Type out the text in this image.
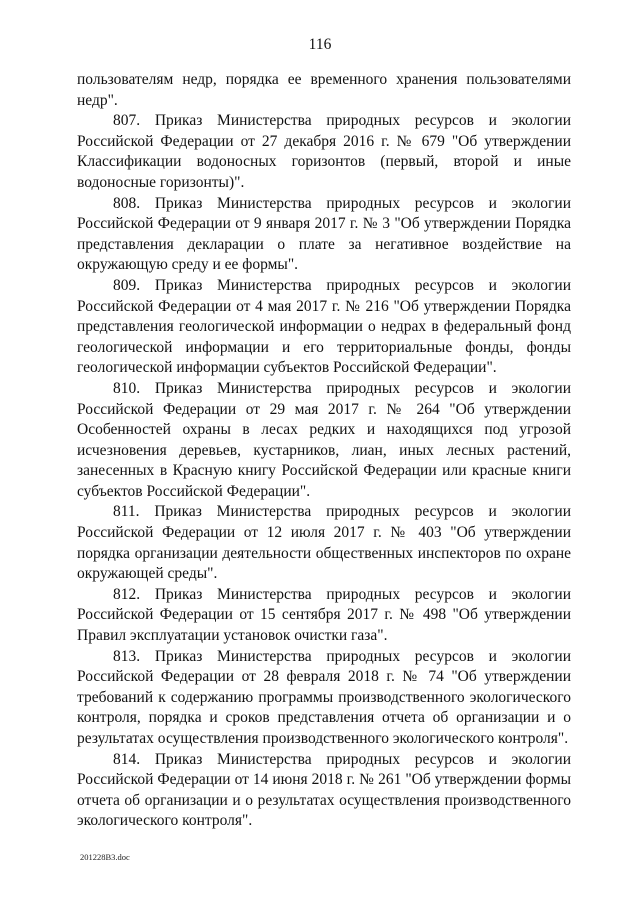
116

пользователям недр, порядка ее временного хранения пользователями недр".

807. Приказ Министерства природных ресурсов и экологии Российской Федерации от 27 декабря 2016 г. № 679 "Об утверждении Классификации водоносных горизонтов (первый, второй и иные водоносные горизонты)".

808. Приказ Министерства природных ресурсов и экологии Российской Федерации от 9 января 2017 г. № 3 "Об утверждении Порядка представления декларации о плате за негативное воздействие на окружающую среду и ее формы".

809. Приказ Министерства природных ресурсов и экологии Российской Федерации от 4 мая 2017 г. № 216 "Об утверждении Порядка представления геологической информации о недрах в федеральный фонд геологической информации и его территориальные фонды, фонды геологической информации субъектов Российской Федерации".

810. Приказ Министерства природных ресурсов и экологии Российской Федерации от 29 мая 2017 г. № 264 "Об утверждении Особенностей охраны в лесах редких и находящихся под угрозой исчезновения деревьев, кустарников, лиан, иных лесных растений, занесенных в Красную книгу Российской Федерации или красные книги субъектов Российской Федерации".

811. Приказ Министерства природных ресурсов и экологии Российской Федерации от 12 июля 2017 г. № 403 "Об утверждении порядка организации деятельности общественных инспекторов по охране окружающей среды".

812. Приказ Министерства природных ресурсов и экологии Российской Федерации от 15 сентября 2017 г. № 498 "Об утверждении Правил эксплуатации установок очистки газа".

813. Приказ Министерства природных ресурсов и экологии Российской Федерации от 28 февраля 2018 г. № 74 "Об утверждении требований к содержанию программы производственного экологического контроля, порядка и сроков представления отчета об организации и о результатах осуществления производственного экологического контроля".

814. Приказ Министерства природных ресурсов и экологии Российской Федерации от 14 июня 2018 г. № 261 "Об утверждении формы отчета об организации и о результатах осуществления производственного экологического контроля".

201228B3.doc
